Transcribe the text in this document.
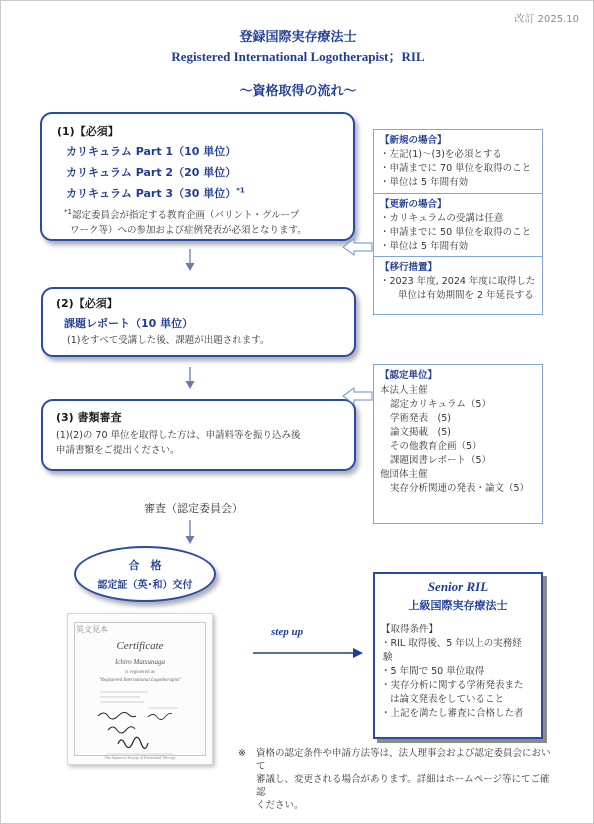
改訂 2025.10
登録国際実存療法士
Registered International Logotherapist；RIL
～資格取得の流れ～
(1)【必須】
カリキュラム Part 1（10 単位）
カリキュラム Part 2（20 単位）
カリキュラム Part 3（30 単位）$^{*1}$
$^{*1}$認定委員会が指定する教育企画（バリント・グループ
ワーク等）への参加および症例発表が必須となります。
(2)【必須】
課題レポート（10 単位）
(1)をすべて受講した後、課題が出題されます。
(3) 書類審査
(1)(2)の 70 単位を取得した方は、申請料等を振り込み後
申請書類をご提出ください。
審査（認定委員会）
合　格
認定証（英･和）交付
英文見本
Certificate
Ichiro Matsunaga
is registered as
"Registered International Logotherapist"
The Japanese Society of Existential Therapy
step up
Senior RIL
上級国際実存療法士
【取得条件】
・RIL 取得後、5 年以上の実務経
験
・5 年間で 50 単位取得
・実存分析に関する学術発表また
は論文発表をしていること
・上記を満たし審査に合格した者
【新規の場合】
・左記(1)～(3)を必須とする
・申請までに 70 単位を取得のこと
・単位は 5 年間有効
【更新の場合】
・カリキュラムの受講は任意
・申請までに 50 単位を取得のこと
・単位は 5 年間有効
【移行措置】
・2023 年度, 2024 年度に取得した
単位は有効期間を 2 年延長する
【認定単位】
本法人主催
認定カリキュラム（5）
学術発表　(5)
論文掲載　(5)
その他教育企画（5）
課題図書レポート（5）
他団体主催
実存分析関連の発表・論文（5）
※	資格の認定条件や申請方法等は、法人理事会および認定委員会において
審議し、変更される場合があります。詳細はホームページ等にてご確認
ください。
